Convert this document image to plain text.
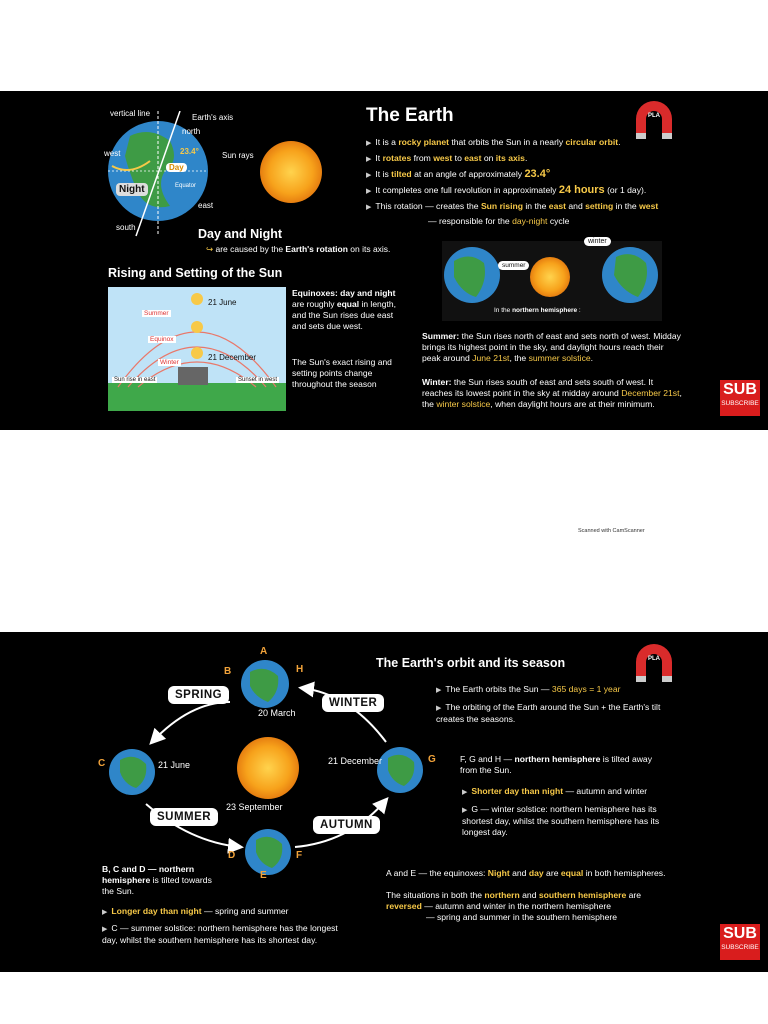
vertical line	Earth's axis
north
west	23.4°
Day
Night	Equator
east
south
Sun rays
Day and Night
↪ are caused by the Earth's rotation on its axis.
Rising and Setting of the Sun
21 June
Summer
Equinox
Winter
21 December
Sun rise in east	Sunset in west
Equinoxes: day and night are roughly equal in length, and the Sun rises due east and sets due west.
The Sun's exact rising and setting points change throughout the season
The Earth
▶ It is a rocky planet that orbits the Sun in a nearly circular orbit.
▶ It rotates from west to east on its axis.
▶ It is tilted at an angle of approximately 23.4°
▶ It completes one full revolution in approximately 24 hours (or 1 day).
▶ This rotation — creates the Sun rising in the east and setting in the west
— responsible for the day-night cycle
PLA
summer
winter
In the northern hemisphere :
Summer: the Sun rises north of east and sets north of west. Midday brings its highest point in the sky, and daylight hours reach their peak around June 21st, the summer solstice.
Winter: the Sun rises south of east and sets south of west. It reaches its lowest point in the sky at midday around December 21st, the winter solstice, when daylight hours are at their minimum.
SUB
SUBSCRIBE
Scanned with CamScanner
SPRING
WINTER
SUMMER
AUTUMN
A
B	H
C	G
D	F
E
20 March
21 June	21 December
23 September
The Earth's orbit and its season	PLA
▶ The Earth orbits the Sun — 365 days = 1 year
▶ The orbiting of the Earth around the Sun + the Earth's tilt creates the seasons.
F, G and H — northern hemisphere is tilted away from the Sun.
▶ Shorter day than night — autumn and winter
▶ G — winter solstice: northern hemisphere has its shortest day, whilst the southern hemisphere has its longest day.
B, C and D — northern hemisphere is tilted towards the Sun.
▶ Longer day than night — spring and summer
▶ C — summer solstice: northern hemisphere has the longest day, whilst the southern hemisphere has its shortest day.
A and E — the equinoxes: Night and day are equal in both hemispheres.
The situations in both the northern and southern hemisphere are
reversed — autumn and winter in the northern hemisphere
— spring and summer in the southern hemisphere
SUB
SUBSCRIBE
